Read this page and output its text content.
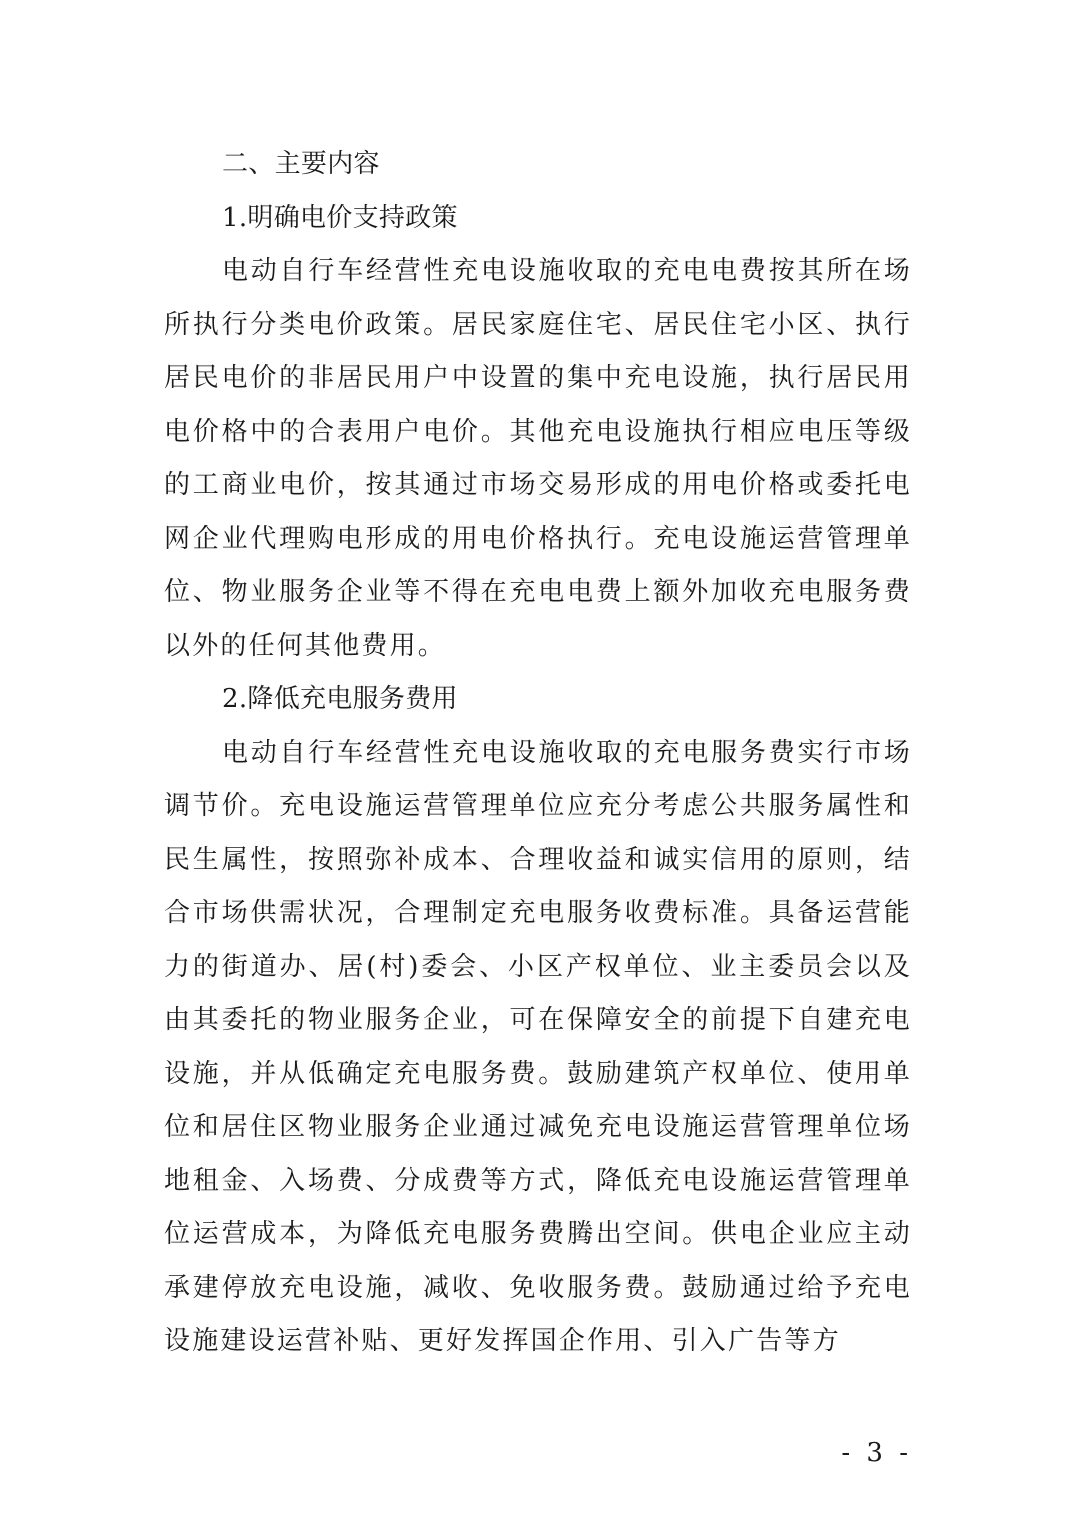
二、主要内容

1.明确电价支持政策

电动自行车经营性充电设施收取的充电电费按其所在场所执行分类电价政策。居民家庭住宅、居民住宅小区、执行居民电价的非居民用户中设置的集中充电设施，执行居民用电价格中的合表用户电价。其他充电设施执行相应电压等级的工商业电价，按其通过市场交易形成的用电价格或委托电网企业代理购电形成的用电价格执行。充电设施运营管理单位、物业服务企业等不得在充电电费上额外加收充电服务费以外的任何其他费用。

2.降低充电服务费用

电动自行车经营性充电设施收取的充电服务费实行市场调节价。充电设施运营管理单位应充分考虑公共服务属性和民生属性，按照弥补成本、合理收益和诚实信用的原则，结合市场供需状况，合理制定充电服务收费标准。具备运营能力的街道办、居(村)委会、小区产权单位、业主委员会以及由其委托的物业服务企业，可在保障安全的前提下自建充电设施，并从低确定充电服务费。鼓励建筑产权单位、使用单位和居住区物业服务企业通过减免充电设施运营管理单位场地租金、入场费、分成费等方式，降低充电设施运营管理单位运营成本，为降低充电服务费腾出空间。供电企业应主动承建停放充电设施，减收、免收服务费。鼓励通过给予充电设施建设运营补贴、更好发挥国企作用、引入广告等方

- 3 -
